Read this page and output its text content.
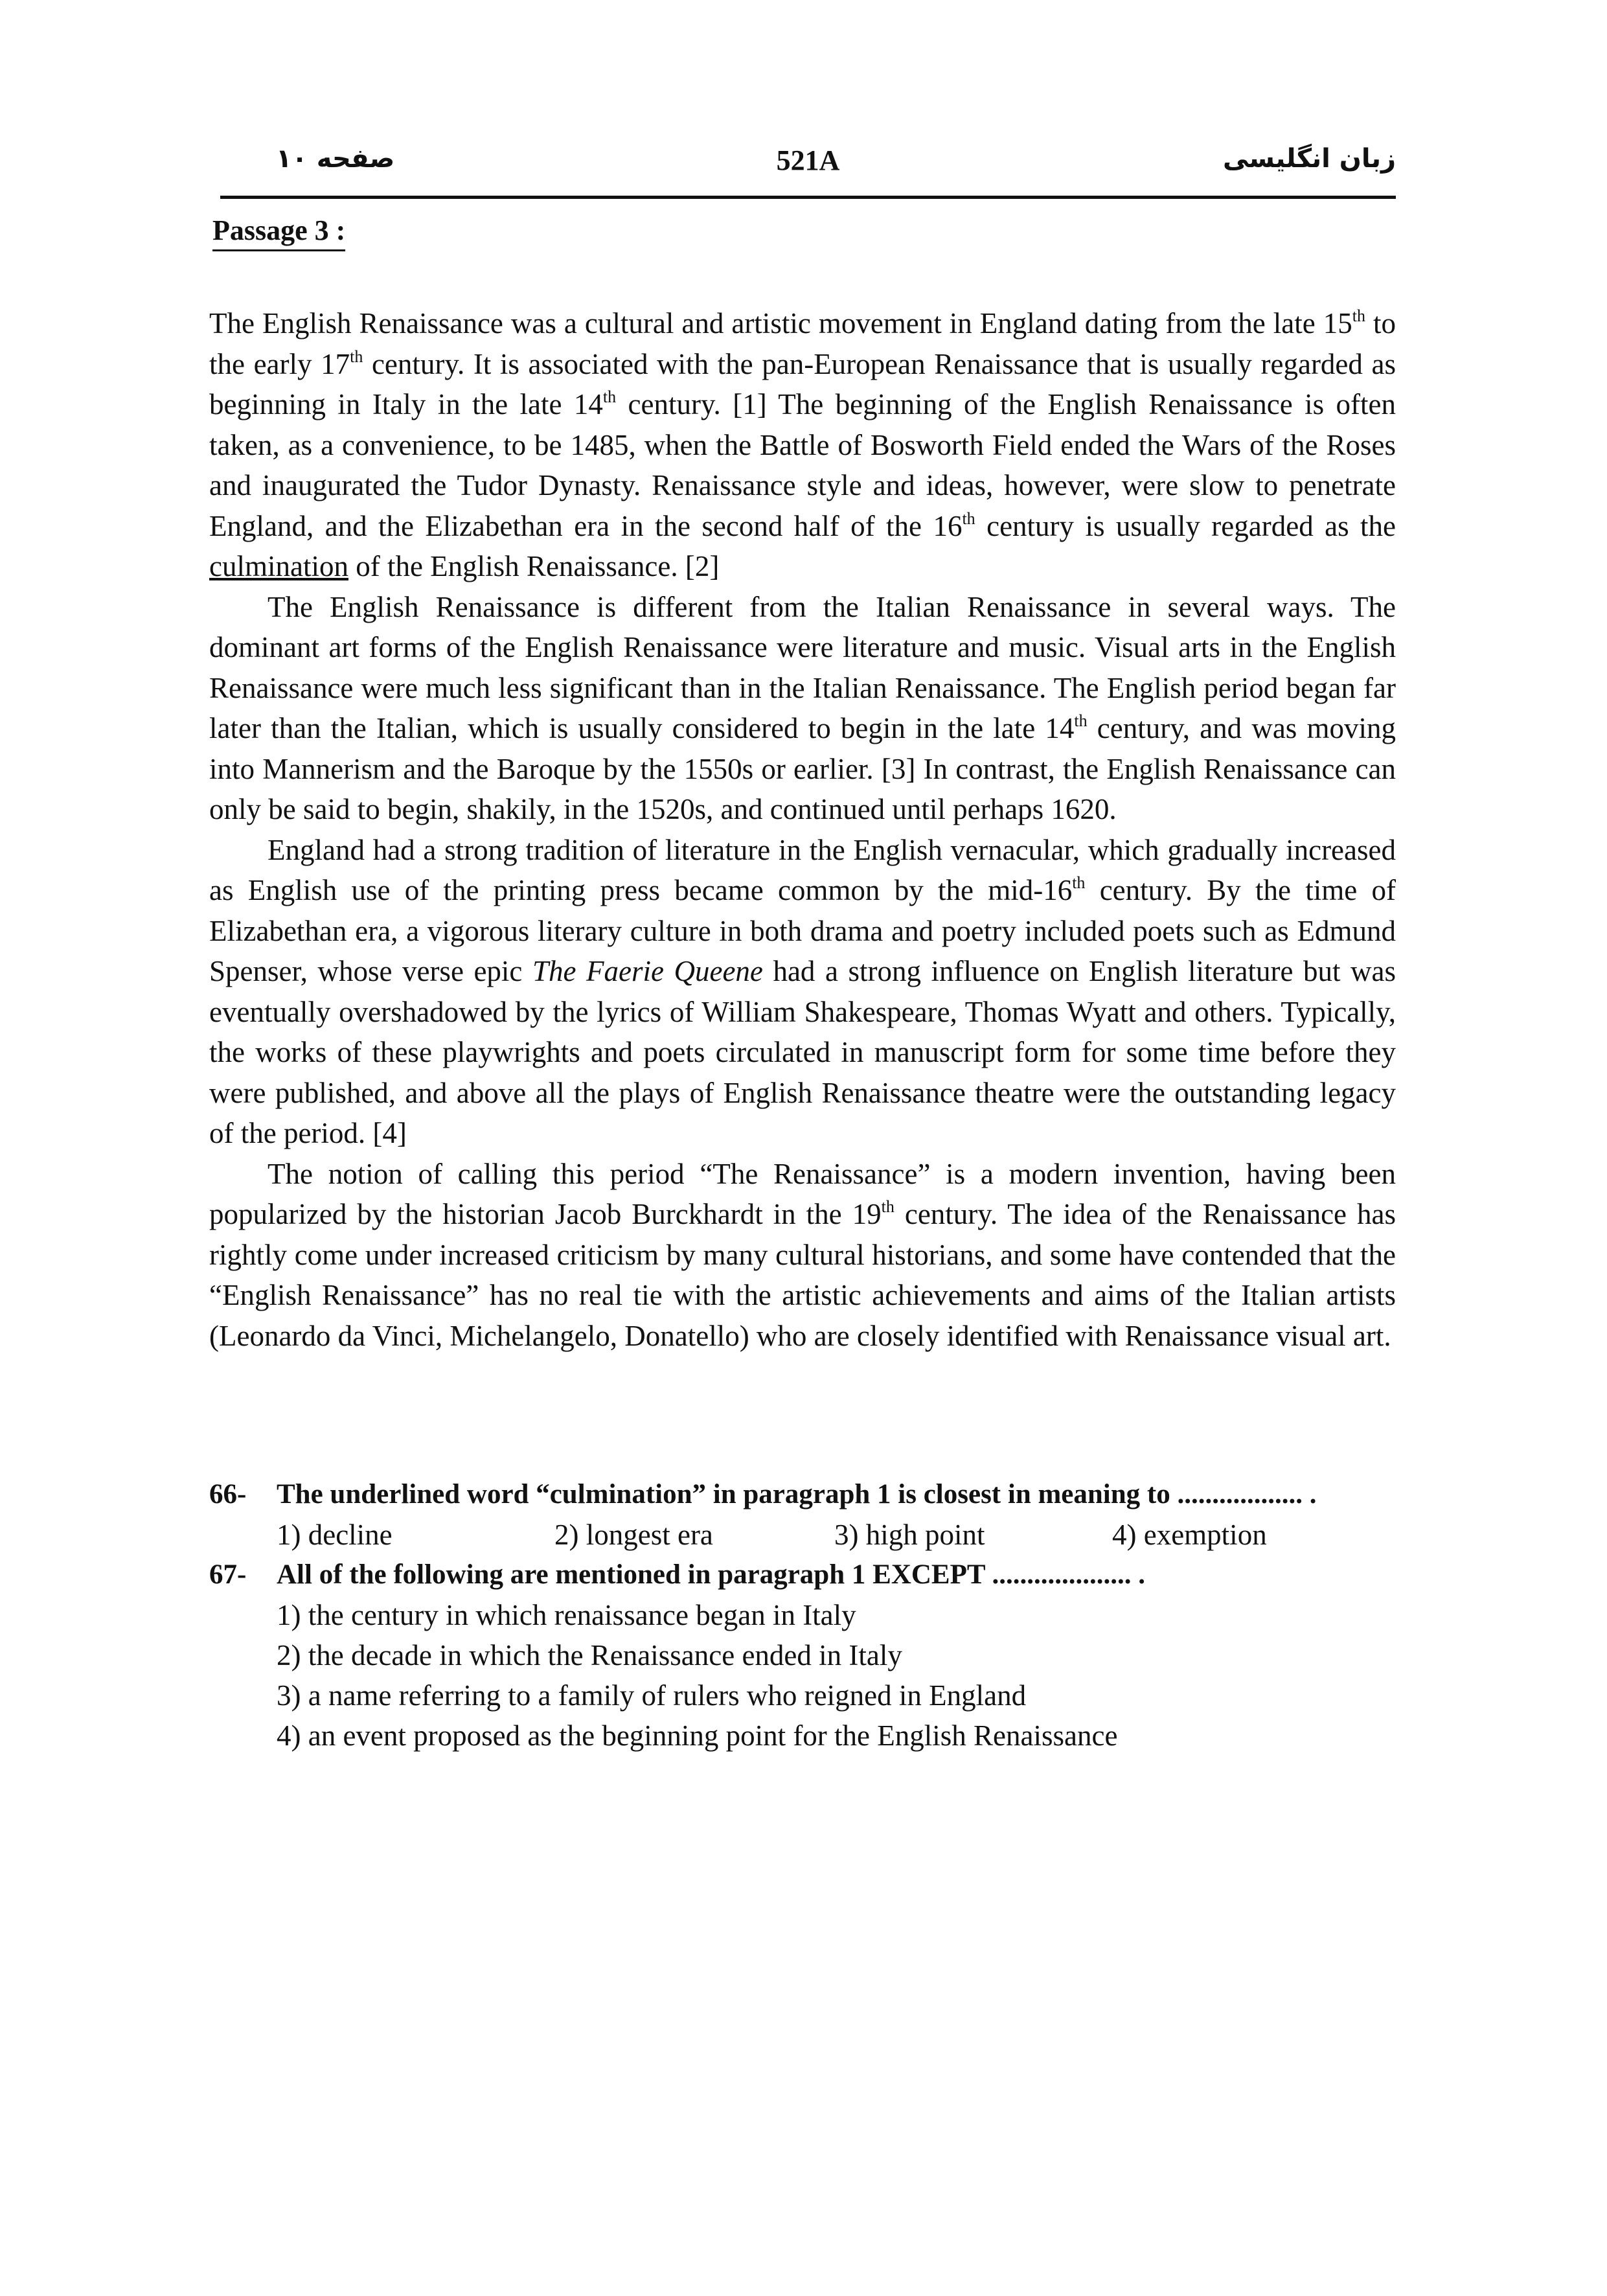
صفحه ۱۰	521A	زبان انگلیسی
Passage 3 :

The English Renaissance was a cultural and artistic movement in England dating from the late 15th to the early 17th century. It is associated with the pan-European Renaissance that is usually regarded as beginning in Italy in the late 14th century. [1] The beginning of the English Renaissance is often taken, as a convenience, to be 1485, when the Battle of Bosworth Field ended the Wars of the Roses and inaugurated the Tudor Dynasty. Renaissance style and ideas, however, were slow to penetrate England, and the Elizabethan era in the second half of the 16th century is usually regarded as the culmination of the English Renaissance. [2]

The English Renaissance is different from the Italian Renaissance in several ways. The dominant art forms of the English Renaissance were literature and music. Visual arts in the English Renaissance were much less significant than in the Italian Renaissance. The English period began far later than the Italian, which is usually considered to begin in the late 14th century, and was moving into Mannerism and the Baroque by the 1550s or earlier. [3] In contrast, the English Renaissance can only be said to begin, shakily, in the 1520s, and continued until perhaps 1620.

England had a strong tradition of literature in the English vernacular, which gradually increased as English use of the printing press became common by the mid-16th century. By the time of Elizabethan era, a vigorous literary culture in both drama and poetry included poets such as Edmund Spenser, whose verse epic The Faerie Queene had a strong influence on English literature but was eventually overshadowed by the lyrics of William Shakespeare, Thomas Wyatt and others. Typically, the works of these playwrights and poets circulated in manuscript form for some time before they were published, and above all the plays of English Renaissance theatre were the outstanding legacy of the period. [4]

The notion of calling this period “The Renaissance” is a modern invention, having been popularized by the historian Jacob Burckhardt in the 19th century. The idea of the Renaissance has rightly come under increased criticism by many cultural historians, and some have contended that the “English Renaissance” has no real tie with the artistic achievements and aims of the Italian artists (Leonardo da Vinci, Michelangelo, Donatello) who are closely identified with Renaissance visual art.

66- The underlined word “culmination” in paragraph 1 is closest in meaning to .................. .
1) decline	2) longest era	3) high point	4) exemption
67- All of the following are mentioned in paragraph 1 EXCEPT .................... .
1) the century in which renaissance began in Italy
2) the decade in which the Renaissance ended in Italy
3) a name referring to a family of rulers who reigned in England
4) an event proposed as the beginning point for the English Renaissance
